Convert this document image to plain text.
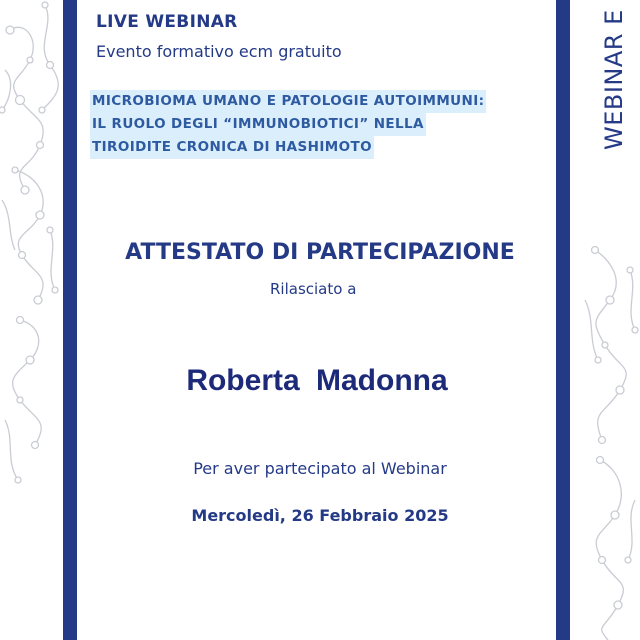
LIVE WEBINAR
Evento formativo ecm gratuito
MICROBIOMA UMANO E PATOLOGIE AUTOIMMUNI:
IL RUOLO DEGLI “IMMUNOBIOTICI” NELLA
TIROIDITE CRONICA DI HASHIMOTO
ATTESTATO DI PARTECIPAZIONE
Rilasciato a
Roberta Madonna
Per aver partecipato al Webinar
Mercoledì, 26 Febbraio 2025
WEBINAR E
